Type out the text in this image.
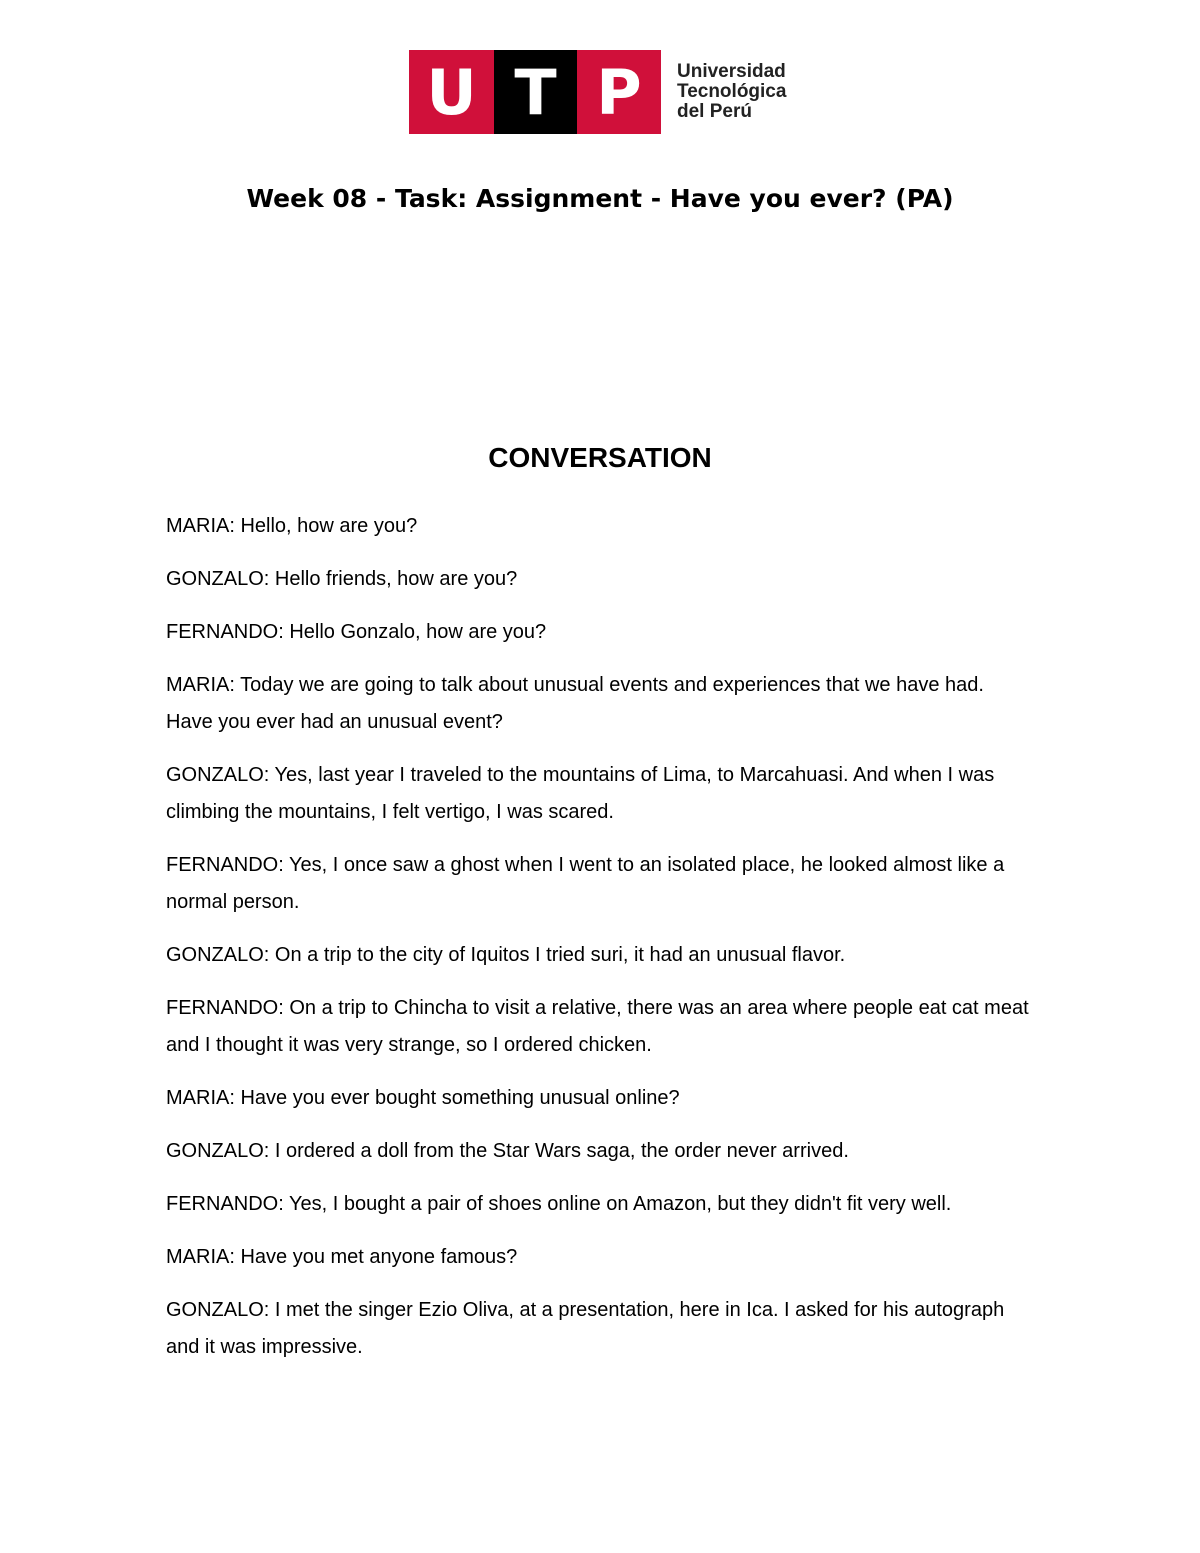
U T P	Universidad
Tecnológica
del Perú
Week 08 - Task: Assignment - Have you ever? (PA)
CONVERSATION

MARIA: Hello, how are you?

GONZALO: Hello friends, how are you?

FERNANDO: Hello Gonzalo, how are you?

MARIA: Today we are going to talk about unusual events and experiences that we have had. Have you ever had an unusual event?

GONZALO: Yes, last year I traveled to the mountains of Lima, to Marcahuasi. And when I was climbing the mountains, I felt vertigo, I was scared.

FERNANDO: Yes, I once saw a ghost when I went to an isolated place, he looked almost like a normal person.

GONZALO: On a trip to the city of Iquitos I tried suri, it had an unusual flavor.

FERNANDO: On a trip to Chincha to visit a relative, there was an area where people eat cat meat and I thought it was very strange, so I ordered chicken.

MARIA: Have you ever bought something unusual online?

GONZALO: I ordered a doll from the Star Wars saga, the order never arrived.

FERNANDO: Yes, I bought a pair of shoes online on Amazon, but they didn't fit very well.

MARIA: Have you met anyone famous?

GONZALO: I met the singer Ezio Oliva, at a presentation, here in Ica. I asked for his autograph and it was impressive.
